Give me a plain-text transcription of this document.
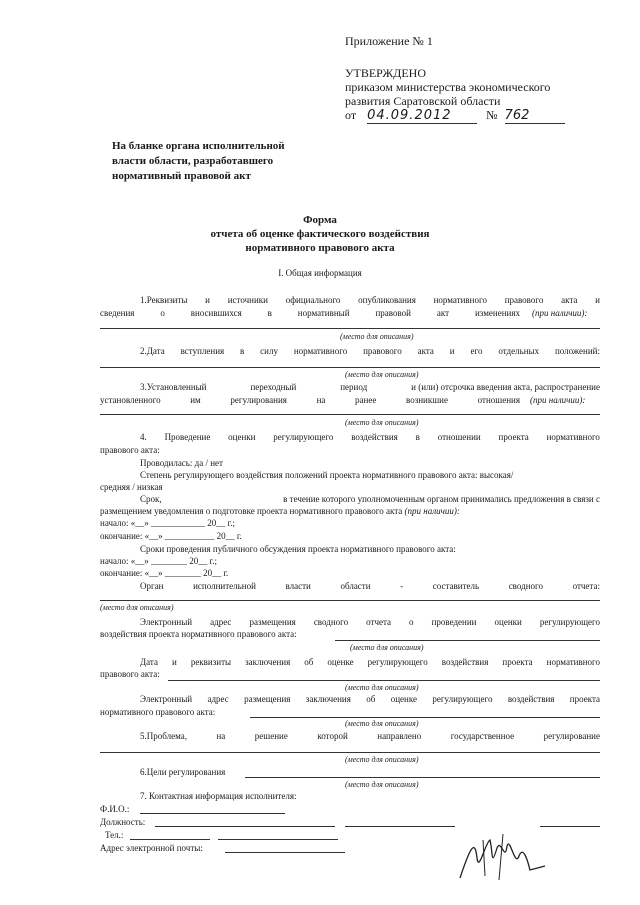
Приложение № 1
УТВЕРЖДЕНО
приказом министерства экономического
развития Саратовской области
от 04.09.2012	№ 762
На бланке органа исполнительной
власти области, разработавшего
нормативный правовой акт
Форма
отчета об оценке фактического воздействия
нормативного правового акта
I. Общая информация
1.Реквизиты и источники официального опубликования нормативного правового акта и
сведения	о	вносившихся	в	нормативный	правовой	акт	изменениях (при наличии):
(место для описания)
2.Дата вступления в силу нормативного правового акта и его отдельных положений:
(место для описания)
3.Установленный	переходный	период	и (или) отсрочка введения акта, распространение
установленного	им	регулирования	на	ранее	возникшие	отношения (при наличии):
(место для описания)
4. Проведение оценки регулирующего воздействия в отношении проекта нормативного
правового акта:
Проводилась: да / нет
Степень регулирующего воздействия положений проекта нормативного правового акта: высокая/
средняя / низкая
Срок,	в течение которого уполномоченным органом принимались предложения в связи с
размещением уведомления о подготовке проекта нормативного правового акта (при наличии):
начало: «__» ____________ 20__ г.;
окончание: «__» ___________ 20__ г.
Сроки проведения публичного обсуждения проекта нормативного правового акта:
начало: «__» ________ 20__ г.;
окончание: «__» ________ 20__ г.
Орган	исполнительной	власти	области	-	составитель	сводного	отчета:
(место для описания)
Электронный адрес размещения сводного отчета о проведении оценки регулирующего
воздействия проекта нормативного правового акта:
(место для описания)
Дата и реквизиты заключения об оценке регулирующего воздействия проекта нормативного
правового акта:
(место для описания)
Электронный адрес размещения заключения об оценке регулирующего воздействия проекта
нормативного правового акта:
(место для описания)
5.Проблема,	на	решение	которой	направлено	государственное	регулирование
(место для описания)
6.Цели регулирования
(место для описания)
7. Контактная информация исполнителя:
Ф.И.О.:
Должность:
Тел.:
Адрес электронной почты:
